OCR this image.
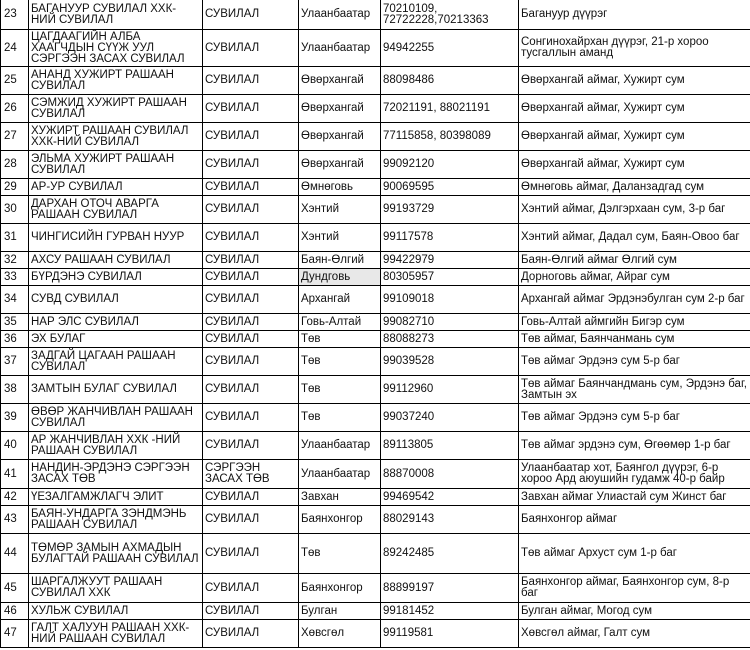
23	БАГАНУУР СУВИЛАЛ ХХК-НИЙ СУВИЛАЛ	СУВИЛАЛ	Улаанбаатар	70210109, 72722228,70213363	Багануур дүүрэг
24	ЦАГДААГИЙН АЛБА ХААГЧДЫН СҮҮЖ УУЛ СЭРГЭЭН ЗАСАХ СУВИЛАЛ	СУВИЛАЛ	Улаанбаатар	94942255	Сонгинохайрхан дүүрэг, 21-р хороо тусгаллын аманд
25	АНАНД ХУЖИРТ РАШААН СУВИЛАЛ	СУВИЛАЛ	Өвөрхангай	88098486	Өвөрхангай аймаг, Хужирт сум
26	СЭМЖИД ХУЖИРТ РАШААН СУВИЛАЛ	СУВИЛАЛ	Өвөрхангай	72021191, 88021191	Өвөрхангай аймаг, Хужирт сум
27	ХУЖИРТ РАШААН СУВИЛАЛ ХХК-НИЙ СУВИЛАЛ	СУВИЛАЛ	Өвөрхангай	77115858, 80398089	Өвөрхангай аймаг, Хужирт сум
28	ЭЛЬМА ХУЖИРТ РАШААН СУВИЛАЛ	СУВИЛАЛ	Өвөрхангай	99092120	Өвөрхангай аймаг, Хужирт сум
29	АР-УР СУВИЛАЛ	СУВИЛАЛ	Өмнөговь	90069595	Өмнөговь аймаг, Даланзадгад сум
30	ДАРХАН ОТОЧ АВАРГА РАШААН СУВИЛАЛ	СУВИЛАЛ	Хэнтий	99193729	Хэнтий аймаг, Дэлгэрхаан сум, 3-р баг
31	ЧИНГИСИЙН ГУРВАН НУУР	СУВИЛАЛ	Хэнтий	99117578	Хэнтий аймаг, Дадал сум, Баян-Овоо баг
32	АХСУ РАШААН СУВИЛАЛ	СУВИЛАЛ	Баян-Өлгий	99422979	Баян-Өлгий аймаг Өлгий сум
33	БҮРДЭНЭ СУВИЛАЛ	СУВИЛАЛ	Дундговь	80305957	Дорноговь аймаг, Айраг сум
34	СУВД СУВИЛАЛ	СУВИЛАЛ	Архангай	99109018	Архангай аймаг Эрдэнэбулган сум 2-р баг
35	НАР ЭЛС СУВИЛАЛ	СУВИЛАЛ	Говь-Алтай	99082710	Говь-Алтай аймгийн Бигэр сум
36	ЭХ БУЛАГ	СУВИЛАЛ	Төв	88088273	Төв аймаг, Баянчанмань сум
37	ЗАДГАЙ ЦАГААН РАШААН СУВИЛАЛ	СУВИЛАЛ	Төв	99039528	Төв аймаг Эрдэнэ сум 5-р баг
38	ЗАМТЫН БУЛАГ СУВИЛАЛ	СУВИЛАЛ	Төв	99112960	Төв аймаг Баянчандмань сум, Эрдэнэ баг, Замтын эх
39	ӨВӨР ЖАНЧИВЛАН РАШААН СУВИЛАЛ	СУВИЛАЛ	Төв	99037240	Төв аймаг Эрдэнэ сум 5-р баг
40	АР ЖАНЧИВЛАН ХХК -НИЙ РАШААН СУВИЛАЛ	СУВИЛАЛ	Улаанбаатар	89113805	Төв аймаг эрдэнэ сум, Өгөөмөр 1-р баг
41	НАНДИН-ЭРДЭНЭ СЭРГЭЭН ЗАСАХ ТӨВ	СЭРГЭЭН ЗАСАХ ТӨВ	Улаанбаатар	88870008	Улаанбаатар хот, Баянгол дүүрэг, 6-р хороо Ард аюушийн гудамж 40-р байр
42	ҮЕЗАЛГАМЖЛАГЧ ЭЛИТ	СУВИЛАЛ	Завхан	99469542	Завхан аймаг Улиастай сум Жинст баг
43	БАЯН-УНДАРГА ЗЭНДМЭНЬ РАШААН СУВИЛАЛ	СУВИЛАЛ	Баянхонгор	88029143	Баянхонгор аймаг
44	ТӨМӨР ЗАМЫН АХМАДЫН БУЛАГТАЙ РАШААН СУВИЛАЛ	СУВИЛАЛ	Төв	89242485	Төв аймаг Архуст сум 1-р баг
45	ШАРГАЛЖУУТ РАШААН СУВИЛАЛ ХХК	СУВИЛАЛ	Баянхонгор	88899197	Баянхонгор аймаг, Баянхонгор сум, 8-р баг
46	ХУЛЬЖ СУВИЛАЛ	СУВИЛАЛ	Булган	99181452	Булган аймаг, Могод сум
47	ГАЛТ ХАЛУУН РАШААН ХХК-НИЙ РАШААН СУВИЛАЛ	СУВИЛАЛ	Хөвсгөл	99119581	Хөвсгөл аймаг, Галт сум
